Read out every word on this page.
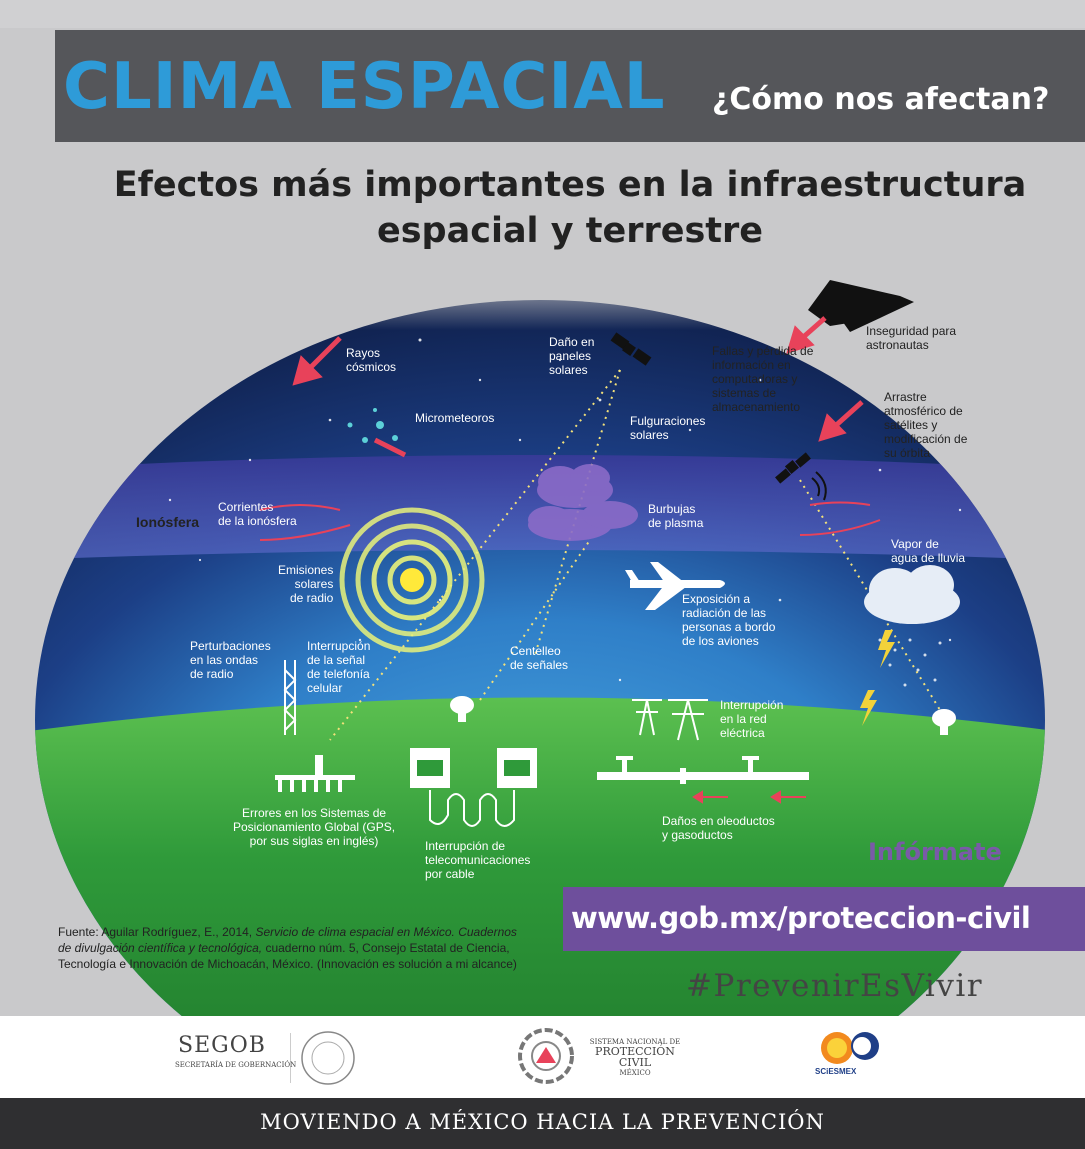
CLIMA ESPACIAL ¿Cómo nos afectan?
Efectos más importantes en la infraestructura
espacial y terrestre
Rayos
cósmicos
Micrometeoros
Daño en
paneles
solares
Fallas y pérdida de
información en
computadoras y
sistemas de
almacenamiento
Inseguridad para
astronautas
Arrastre
atmosférico de
satélites y
modificación de
su órbita
Fulguraciones
solares
Ionósfera
Corrientes
de la ionósfera
Burbujas
de plasma
Vapor de
agua de lluvia
Emisiones
solares
de radio	Exposición a
radiación de las
personas a bordo
de los aviones
Perturbaciones
en las ondas
de radio
Interrupción
de la señal
de telefonía
celular
Centelleo
de señales
Interrupción
en la red
eléctrica
Errores en los Sistemas de
Posicionamiento Global (GPS,
por sus siglas en inglés)	Interrupción de
telecomunicaciones
por cable
Daños en oleoductos
y gasoductos
Fuente: Aguilar Rodríguez, E., 2014, Servicio de clima espacial en México. Cuadernos de divulgación científica y tecnológica, cuaderno núm. 5, Consejo Estatal de Ciencia, Tecnología e Innovación de Michoacán, México. (Innovación es solución a mi alcance)
Infórmate
www.gob.mx/proteccion-civil
#PrevenirEsVivir
SEGOB
SECRETARÍA DE GOBERNACIÓN
SISTEMA NACIONAL DE
PROTECCIÓN CIVIL
MÉXICO	SCiESMEX
MOVIENDO A MÉXICO HACIA LA PREVENCIÓN
